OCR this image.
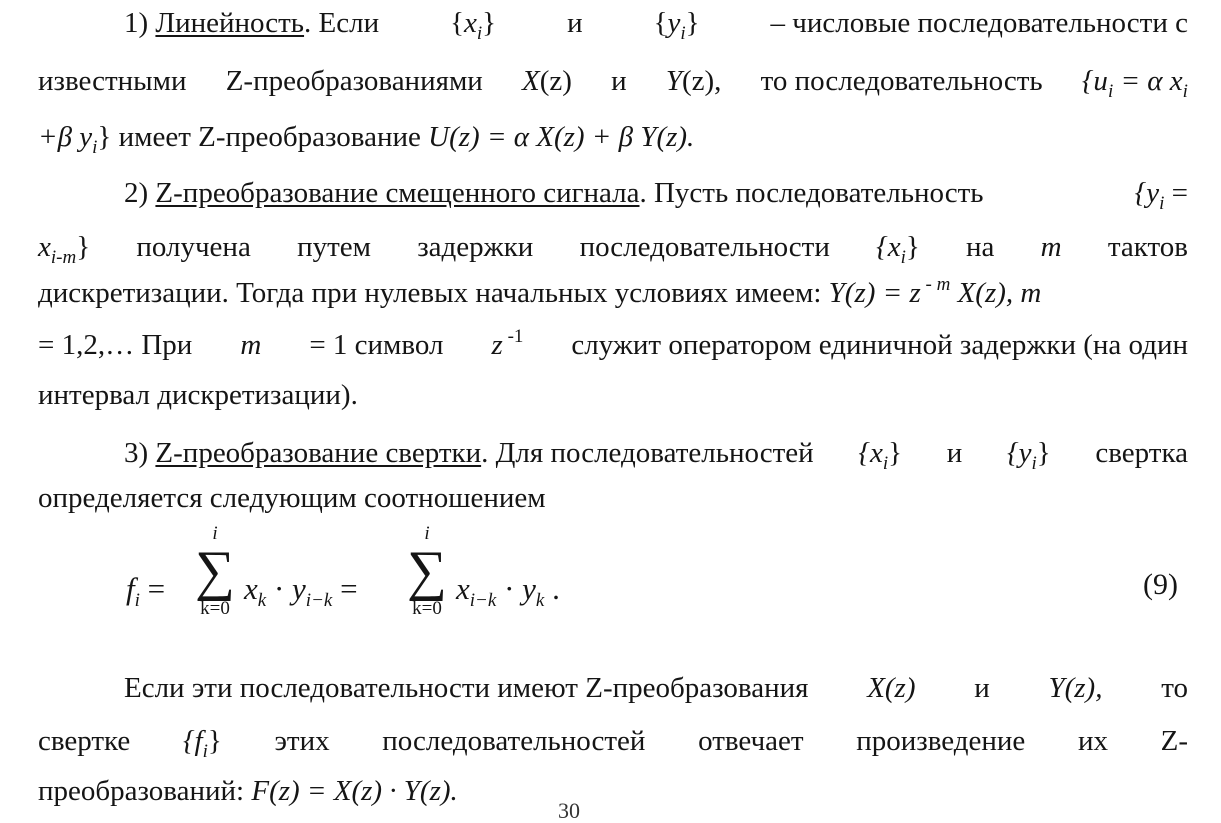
1) Линейность. Если $\{x_i\}$ и $\{y_i\}$ – числовые последовательности с
известными Z-преобразованиями X(z) и Y(z), то последовательность {$u_i = \alpha$ $x_i$
+β $y_i$} имеет Z-преобразование U(z) = α X(z) + β Y(z).
2) Z-преобразование смещенного сигнала. Пусть последовательность	{$y_i$ =
$x_{i-m}$} получена путем задержки последовательности $\{x_i\}$ на m тактов
дискретизации. Тогда при нулевых начальных условиях имеем: Y(z) = z $^{- m}$ X(z), m
= 1,2,… При m = 1 символ z $^{-1}$ служит оператором единичной задержки (на один
интервал дискретизации).
3) Z-преобразование свертки. Для последовательностей $\{x_i\}$ и $\{y_i\}$ свертка
определяется следующим соотношением
$f_i$ =
i
∑
k=0
$x_k \cdot y_{i-k}$ =
i
∑
k=0
$x_{i-k} \cdot y_k$ .	(9)
Если эти последовательности имеют Z-преобразования X(z) и Y(z), то
свертке $\{f_i\}$ этих последовательностей отвечает произведение их Z-
преобразований: F(z) = X(z) · Y(z).
30
